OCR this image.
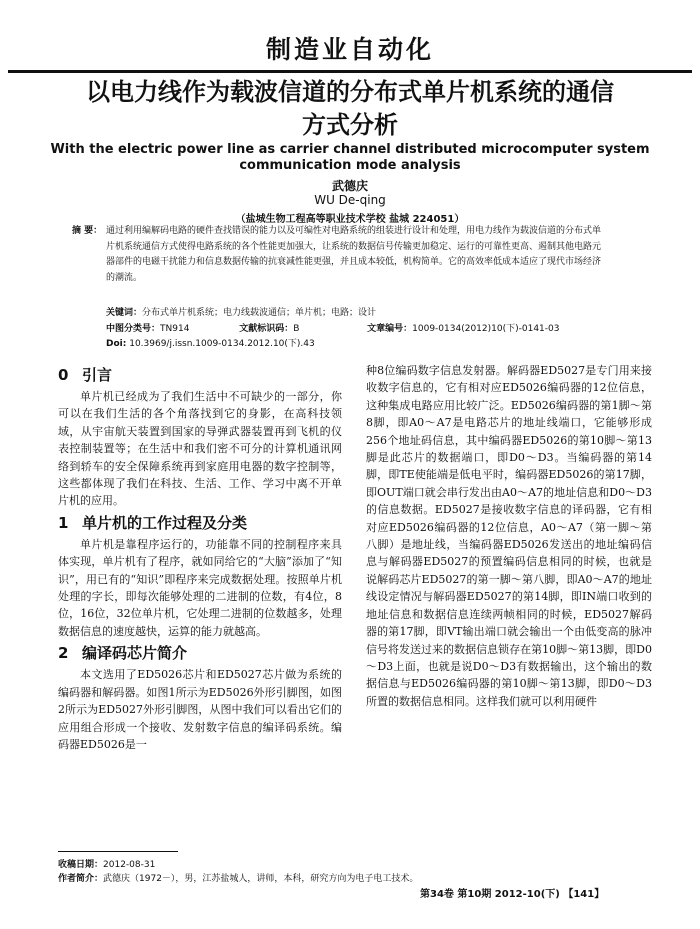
制造业自动化
以电力线作为载波信道的分布式单片机系统的通信
方式分析
With the electric power line as carrier channel distributed microcomputer system
communication mode analysis
武德庆
WU De-qing
（盐城生物工程高等职业技术学校 盐城 224051）
摘 要： 通过利用编解码电路的硬件查找错误的能力以及可编性对电路系统的组装进行设计和处理，用电力线作为载波信道的分布式单片机系统通信方式使得电路系统的各个性能更加强大，让系统的数据信号传输更加稳定、运行的可靠性更高、遏制其他电路元器部件的电磁干扰能力和信息数据传输的抗衰减性能更强，并且成本较低，机构简单。它的高效率低成本适应了现代市场经济的潮流。
关键词：分布式单片机系统；电力线载波通信；单片机；电路；设计
中图分类号：TN914	文献标识码：B	文章编号：1009-0134(2012)10(下)-0141-03
Doi: 10.3969/j.issn.1009-0134.2012.10(下).43
0 引言

单片机已经成为了我们生活中不可缺少的一部分，你可以在我们生活的各个角落找到它的身影，在高科技领域，从宇宙航天装置到国家的导弹武器装置再到飞机的仪表控制装置等；在生活中和我们密不可分的计算机通讯网络到轿车的安全保障系统再到家庭用电器的数字控制等，这些都体现了我们在科技、生活、工作、学习中离不开单片机的应用。

1 单片机的工作过程及分类

单片机是靠程序运行的，功能靠不同的控制程序来具体实现，单片机有了程序，就如同给它的“大脑”添加了“知识”，用已有的“知识”即程序来完成数据处理。按照单片机处理的字长，即每次能够处理的二进制的位数，有4位，8位，16位，32位单片机，它处理二进制的位数越多，处理数据信息的速度越快，运算的能力就越高。

2 编译码芯片简介

本文选用了ED5026芯片和ED5027芯片做为系统的编码器和解码器。如图1所示为ED5026外形引脚图，如图2所示为ED5027外形引脚图，从图中我们可以看出它们的应用组合形成一个接收、发射数字信息的编译码系统。编码器ED5026是一

种8位编码数字信息发射器。解码器ED5027是专门用来接收数字信息的，它有相对应ED5026编码器的12位信息，这种集成电路应用比较广泛。ED5026编码器的第1脚～第8脚，即A0～A7是电路芯片的地址线端口，它能够形成256个地址码信息，其中编码器ED5026的第10脚～第13脚是此芯片的数据端口，即D0～D3。当编码器的第14脚，即TE使能端是低电平时，编码器ED5026的第17脚，即OUT端口就会串行发出由A0～A7的地址信息和D0～D3的信息数据。ED5027是接收数字信息的译码器，它有相对应ED5026编码器的12位信息，A0～A7（第一脚～第八脚）是地址线，当编码器ED5026发送出的地址编码信息与解码器ED5027的预置编码信息相同的时候，也就是说解码芯片ED5027的第一脚～第八脚，即A0～A7的地址线设定情况与解码器ED5027的第14脚，即IN端口收到的地址信息和数据信息连续两帧相同的时候，ED5027解码器的第17脚，即VT输出端口就会输出一个由低变高的脉冲信号将发送过来的数据信息锁存在第10脚～第13脚，即D0～D3上面，也就是说D0～D3有数据输出，这个输出的数据信息与ED5026编码器的第10脚～第13脚，即D0～D3所置的数据信息相同。这样我们就可以利用硬件

收稿日期：2012-08-31
作者简介：武德庆（1972－），男，江苏盐城人，讲师，本科，研究方向为电子电工技术。
第34卷 第10期 2012-10(下) 【141】
